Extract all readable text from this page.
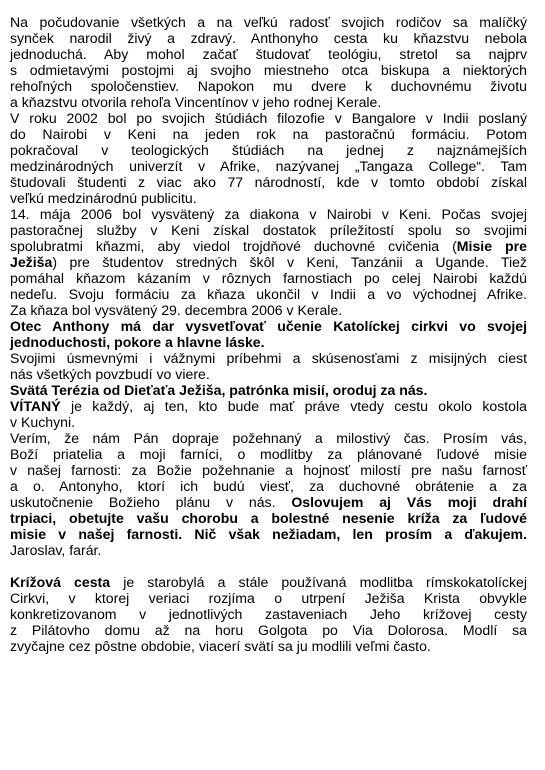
Na počudovanie všetkých a na veľkú radosť svojich rodičov sa malíčký
synček narodil živý a zdravý. Anthonyho cesta ku kňazstvu nebola
jednoduchá. Aby mohol začať študovať teológiu, stretol sa najprv
s odmietavými postojmi aj svojho miestneho otca biskupa a niektorých
rehoľných spoločenstiev. Napokon mu dvere k duchovnému životu
a kňazstvu otvorila rehoľa Vincentínov v jeho rodnej Kerale.
V roku 2002 bol po svojich štúdiách filozofie v Bangalore v Indii poslaný
do Nairobi v Keni na jeden rok na pastoračnú formáciu. Potom
pokračoval v teologických štúdiách na jednej z najznámejších
medzinárodných univerzít v Afrike, nazývanej „Tangaza College“. Tam
študovali študenti z viac ako 77 národností, kde v tomto období získal
veľkú medzinárodnú publicitu.
14. mája 2006 bol vysvätený za diakona v Nairobi v Keni. Počas svojej
pastoračnej služby v Keni získal dostatok príležitostí spolu so svojimi
spolubratmi kňazmi, aby viedol trojdňové duchovné cvičenia (Misie pre
Ježiša) pre študentov stredných škôl v Keni, Tanzánii a Ugande. Tiež
pomáhal kňazom kázaním v rôznych farnostiach po celej Nairobi každú
nedeľu. Svoju formáciu za kňaza ukončil v Indii a vo východnej Afrike.
Za kňaza bol vysvätený 29. decembra 2006 v Kerale.
Otec Anthony má dar vysvetľovať učenie Katolíckej cirkvi vo svojej
jednoduchosti, pokore a hlavne láske.
Svojimi úsmevnými i vážnymi príbehmi a skúsenosťami z misijných ciest
nás všetkých povzbudí vo viere.
Svätá Terézia od Dieťaťa Ježiša, patrónka misií, oroduj za nás.
VÍTANÝ je každý, aj ten, kto bude mať práve vtedy cestu okolo kostola
v Kuchyni.
Verím, že nám Pán dopraje požehnaný a milostivý čas. Prosím vás,
Boží priatelia a moji farníci, o modlitby za plánované ľudové misie
v našej farnosti: za Božie požehnanie a hojnosť milostí pre našu farnosť
a o. Antonyho, ktorí ich budú viesť, za duchovné obrátenie a za
uskutočnenie Božieho plánu v nás. Oslovujem aj Vás moji drahí
trpiaci, obetujte vašu chorobu a bolestné nesenie kríža za ľudové
misie v našej farnosti. Nič však nežiadam, len prosím a ďakujem.
Jaroslav, farár.
Krížová cesta je starobylá a stále používaná modlitba rímskokatolíckej
Cirkvi, v ktorej veriaci rozjíma o utrpení Ježiša Krista obvykle
konkretizovanom v jednotlivých zastaveniach Jeho krížovej cesty
z Pilátovho domu až na horu Golgota po Via Dolorosa. Modlí sa
zvyčajne cez pôstne obdobie, viacerí svätí sa ju modlili veľmi často.
